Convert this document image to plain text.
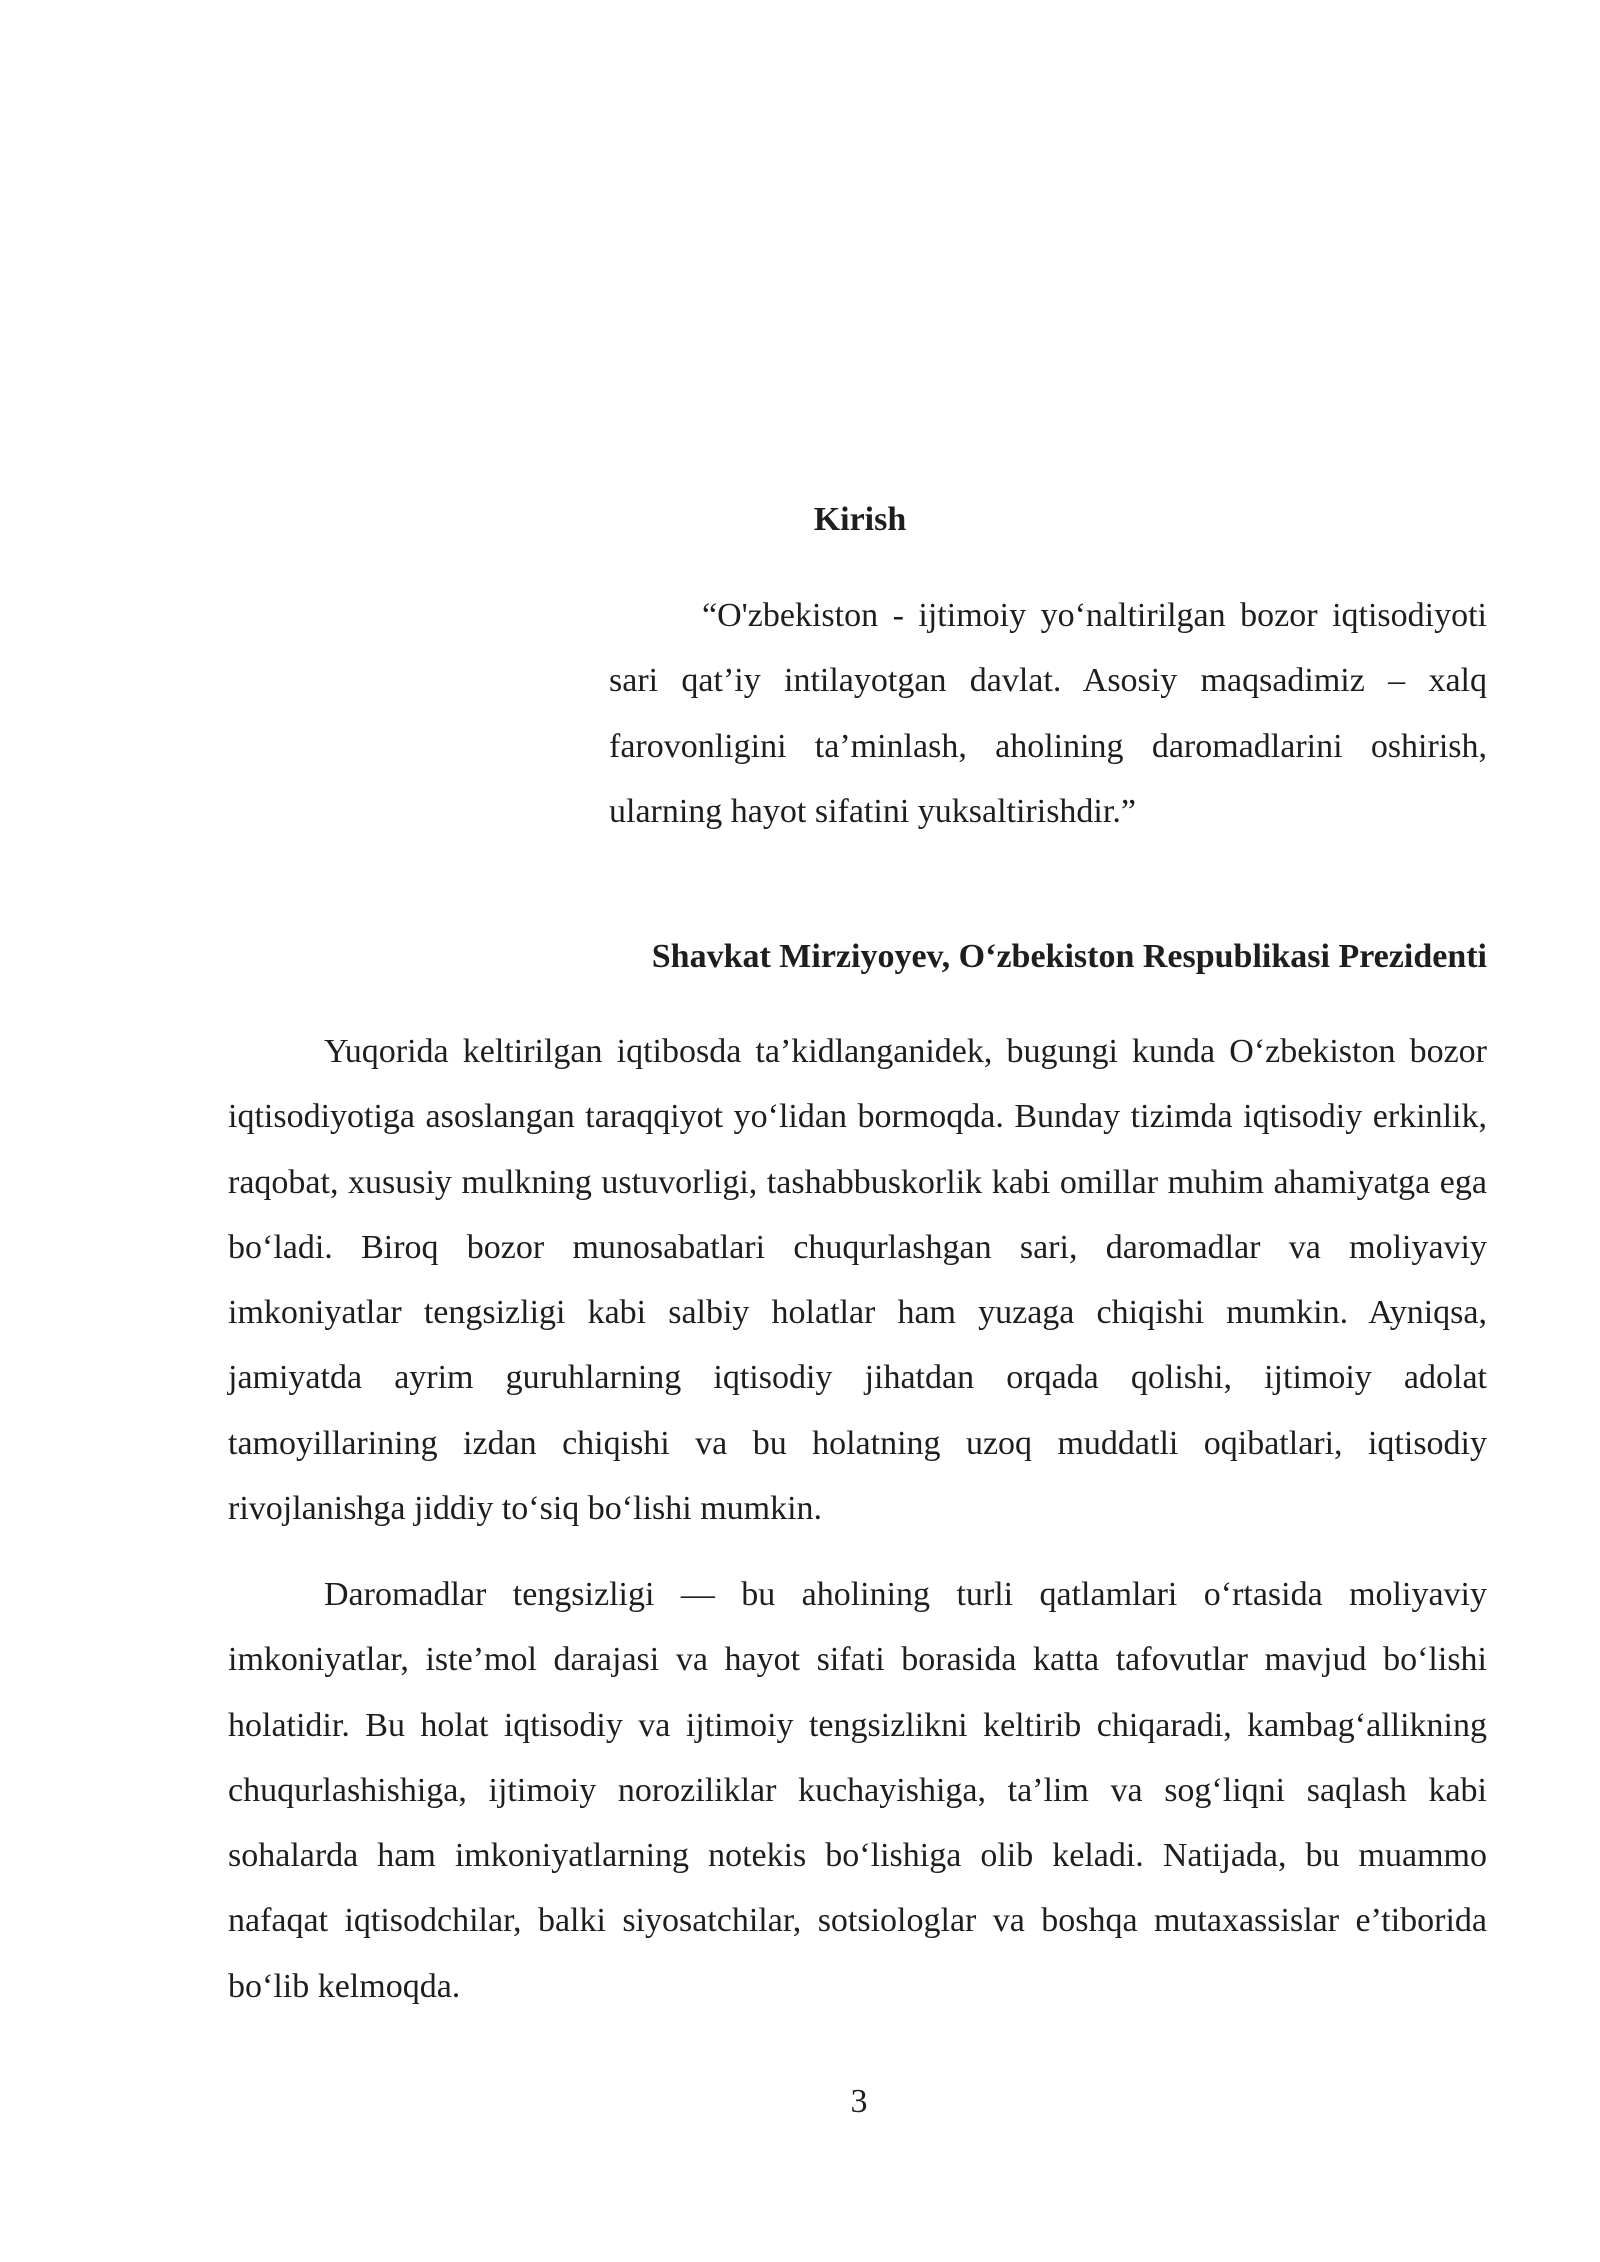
Kirish

“O'zbekiston - ijtimoiy yo‘naltirilgan bozor iqtisodiyoti sari qat’iy intilayotgan davlat. Asosiy maqsadimiz – xalq farovonligini ta’minlash, aholining daromadlarini oshirish, ularning hayot sifatini yuksaltirishdir.”

Shavkat Mirziyoyev, O‘zbekiston Respublikasi Prezidenti

Yuqorida keltirilgan iqtibosda ta’kidlanganidek, bugungi kunda O‘zbekiston bozor iqtisodiyotiga asoslangan taraqqiyot yo‘lidan bormoqda. Bunday tizimda iqtisodiy erkinlik, raqobat, xususiy mulkning ustuvorligi, tashabbuskorlik kabi omillar muhim ahamiyatga ega bo‘ladi. Biroq bozor munosabatlari chuqurlashgan sari, daromadlar va moliyaviy imkoniyatlar tengsizligi kabi salbiy holatlar ham yuzaga chiqishi mumkin. Ayniqsa, jamiyatda ayrim guruhlarning iqtisodiy jihatdan orqada qolishi, ijtimoiy adolat tamoyillarining izdan chiqishi va bu holatning uzoq muddatli oqibatlari, iqtisodiy rivojlanishga jiddiy to‘siq bo‘lishi mumkin.

Daromadlar tengsizligi — bu aholining turli qatlamlari o‘rtasida moliyaviy imkoniyatlar, iste’mol darajasi va hayot sifati borasida katta tafovutlar mavjud bo‘lishi holatidir. Bu holat iqtisodiy va ijtimoiy tengsizlikni keltirib chiqaradi, kambag‘allikning chuqurlashishiga, ijtimoiy noroziliklar kuchayishiga, ta’lim va sog‘liqni saqlash kabi sohalarda ham imkoniyatlarning notekis bo‘lishiga olib keladi. Natijada, bu muammo nafaqat iqtisodchilar, balki siyosatchilar, sotsiologlar va boshqa mutaxassislar e’tiborida bo‘lib kelmoqda.

3
